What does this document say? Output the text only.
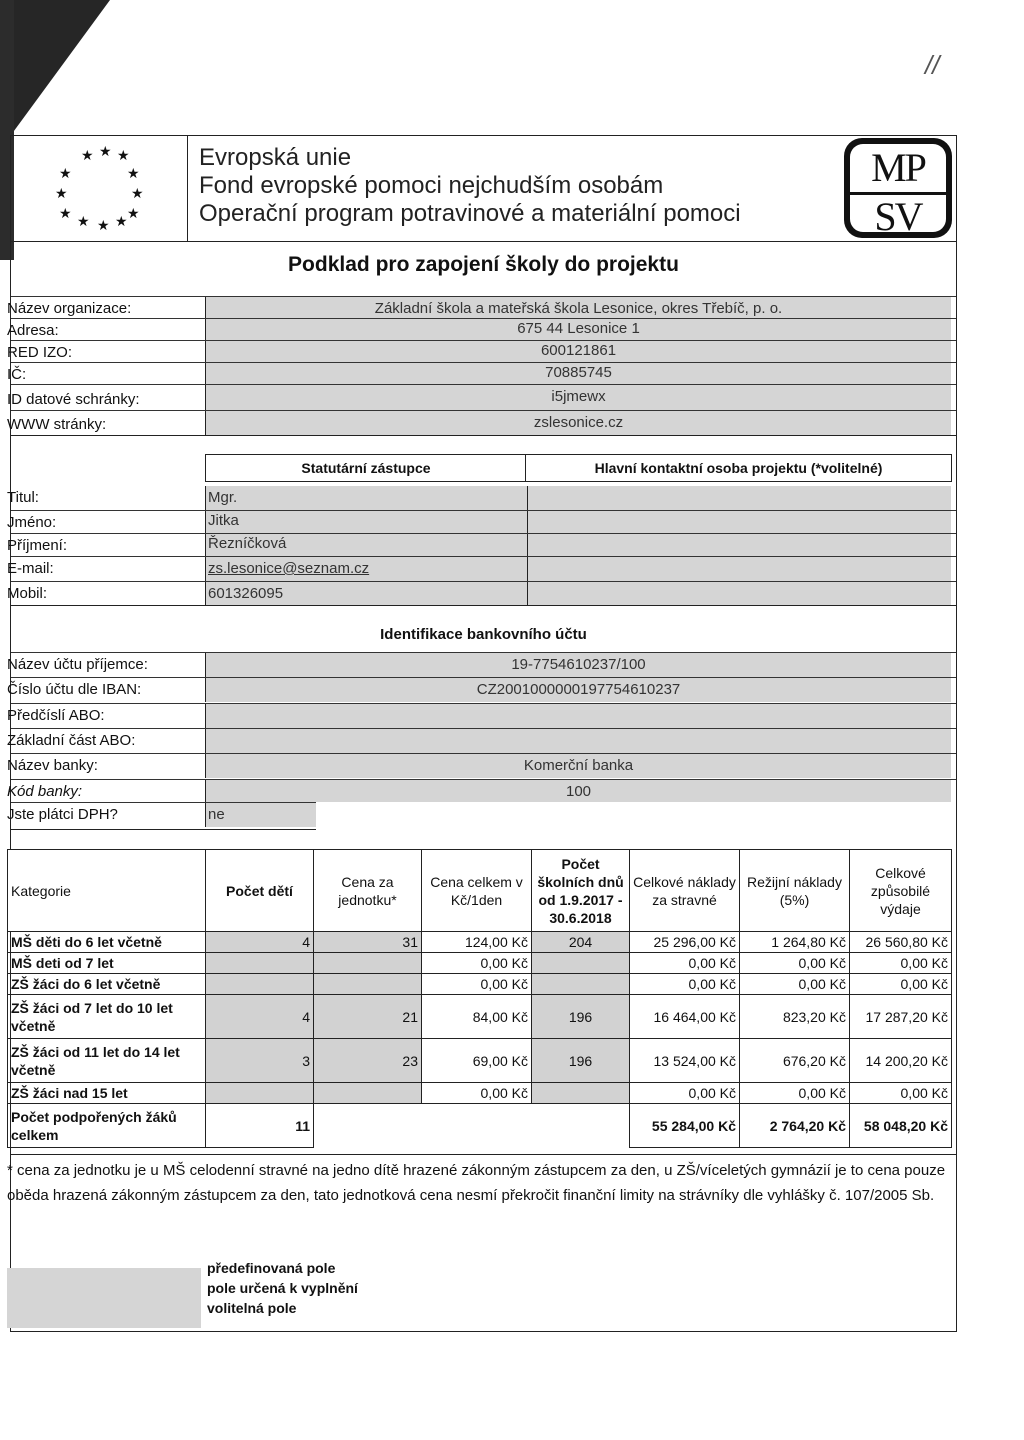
//
★ ★ ★
★	★
★	★
★	★
★ ★ ★
Evropská unie
Fond evropské pomoci nejchudším osobám
Operační program potravinové a materiální pomoci
MP
SV
Podklad pro zapojení školy do projektu
Název organizace:	Základní škola a mateřská škola Lesonice, okres Třebíč, p. o.
Adresa:	675 44 Lesonice 1
RED IZO:	600121861
IČ:	70885745
ID datové schránky:	i5jmewx
WWW stránky:	zslesonice.cz
Statutární zástupce	Hlavní kontaktní osoba projektu (*volitelné)
Titul:	Mgr.
Jméno:	Jitka
Příjmení:	Řezníčková
E-mail:	zs.lesonice@seznam.cz
Mobil:	601326095
Identifikace bankovního účtu
Název účtu příjemce:	19-7754610237/100
Číslo účtu dle IBAN:	CZ2001000000197754610237
Předčíslí ABO:
Základní část ABO:
Název banky:	Komerční banka
Kód banky:	100
Jste plátci DPH?	ne
Kategorie	Počet dětí	Cena za jednotku*	Cena celkem v Kč/1den	Počet školních dnů od 1.9.2017 - 30.6.2018	Celkové náklady za stravné	Režijní náklady (5%)	Celkové způsobilé výdaje
MŠ děti do 6 let včetně	4	31	124,00 Kč	204	25 296,00 Kč	1 264,80 Kč	26 560,80 Kč
MŠ deti od 7 let			0,00 Kč		0,00 Kč	0,00 Kč	0,00 Kč
ZŠ žáci do 6 let včetně			0,00 Kč		0,00 Kč	0,00 Kč	0,00 Kč
ZŠ žáci od 7 let do 10 let včetně	4	21	84,00 Kč	196	16 464,00 Kč	823,20 Kč	17 287,20 Kč
ZŠ žáci od 11 let do 14 let včetně	3	23	69,00 Kč	196	13 524,00 Kč	676,20 Kč	14 200,20 Kč
ZŠ žáci nad 15 let			0,00 Kč		0,00 Kč	0,00 Kč	0,00 Kč
Počet podpořených žáků celkem	11				55 284,00 Kč	2 764,20 Kč	58 048,20 Kč
* cena za jednotku je u MŠ celodenní stravné na jedno dítě hrazené zákonným zástupcem za den, u ZŠ/víceletých gymnázií je to cena pouze oběda hrazená zákonným zástupcem za den, tato jednotková cena nesmí překročit finanční limity na strávníky dle vyhlášky č. 107/2005 Sb.
předefinovaná pole
pole určená k vyplnění
volitelná pole
